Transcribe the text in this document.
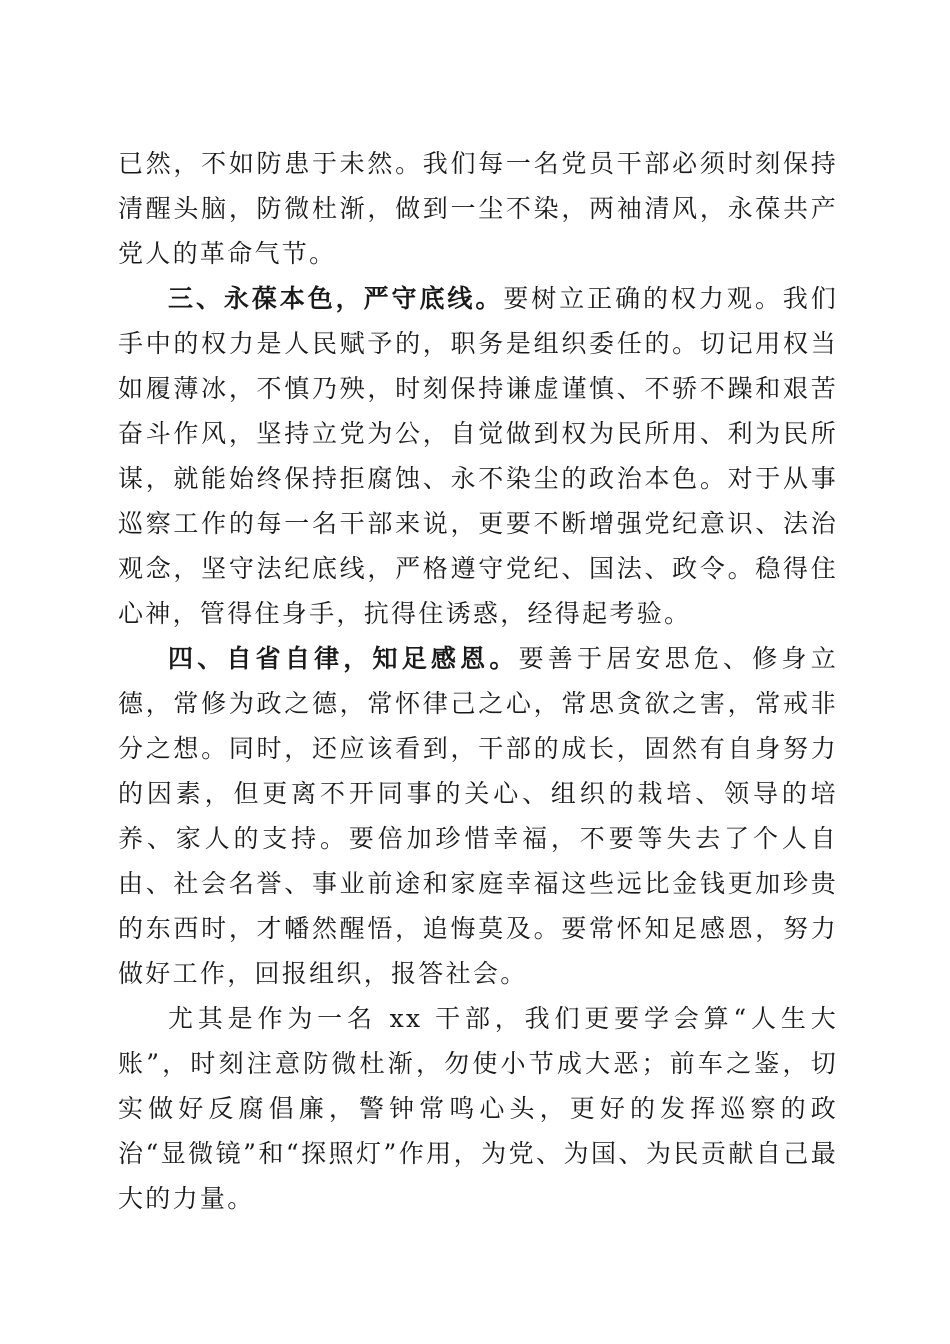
已然，不如防患于未然。我们每一名党员干部必须时刻保持清醒头脑，防微杜渐，做到一尘不染，两袖清风，永葆共产党人的革命气节。

三、永葆本色，严守底线。要树立正确的权力观。我们手中的权力是人民赋予的，职务是组织委任的。切记用权当如履薄冰，不慎乃殃，时刻保持谦虚谨慎、不骄不躁和艰苦奋斗作风，坚持立党为公，自觉做到权为民所用、利为民所谋，就能始终保持拒腐蚀、永不染尘的政治本色。对于从事巡察工作的每一名干部来说，更要不断增强党纪意识、法治观念，坚守法纪底线，严格遵守党纪、国法、政令。稳得住心神，管得住身手，抗得住诱惑，经得起考验。

四、自省自律，知足感恩。要善于居安思危、修身立德，常修为政之德，常怀律己之心，常思贪欲之害，常戒非分之想。同时，还应该看到，干部的成长，固然有自身努力的因素，但更离不开同事的关心、组织的栽培、领导的培养、家人的支持。要倍加珍惜幸福，不要等失去了个人自由、社会名誉、事业前途和家庭幸福这些远比金钱更加珍贵的东西时，才幡然醒悟，追悔莫及。要常怀知足感恩，努力做好工作，回报组织，报答社会。

尤其是作为一名 xx 干部，我们更要学会算“人生大账”，时刻注意防微杜渐，勿使小节成大恶；前车之鉴，切实做好反腐倡廉，警钟常鸣心头，更好的发挥巡察的政治“显微镜”和“探照灯”作用，为党、为国、为民贡献自己最大的力量。
